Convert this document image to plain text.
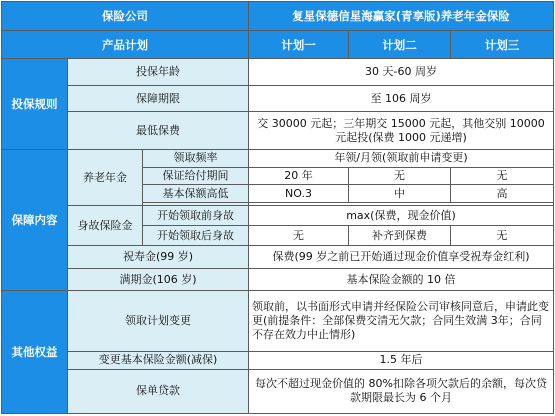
保险公司			复星保德信星海赢家(青享版)养老年金保险		
产品计划			计划一	计划二	计划三
投保规则	投保年龄		30 天-60 周岁		
	保障期限		至 106 周岁		
	最低保费		交 30000 元起；三年期交 15000 元起，其他交别 10000 元起投(保费 1000 元递增)		
保障内容	养老年金	领取频率	年领/月领(领取前申请变更)		
		保证给付期间	20 年	无	无
		基本保额高低	NO.3	中	高

	身故保险金	开始领取前身故	max(保费，现金价值)		
		开始领取后身故	无	补齐到保费	无
	祝寿金(99 岁)		保费(99 岁之前已开始通过现金价值享受祝寿金红利)		
	满期金(106 岁)		基本保险金额的 10 倍		
其他权益	领取计划变更		领取前，以书面形式申请并经保险公司审核同意后，申请此变更(前提条件：全部保费交清无欠款；合同生效满 3年；合同不存在效力中止情形)		
	变更基本保险金额(减保)		1.5 年后		
	保单贷款		每次不超过现金价值的 80%扣除各项欠款后的余额，每次贷款期限最长为 6 个月		
